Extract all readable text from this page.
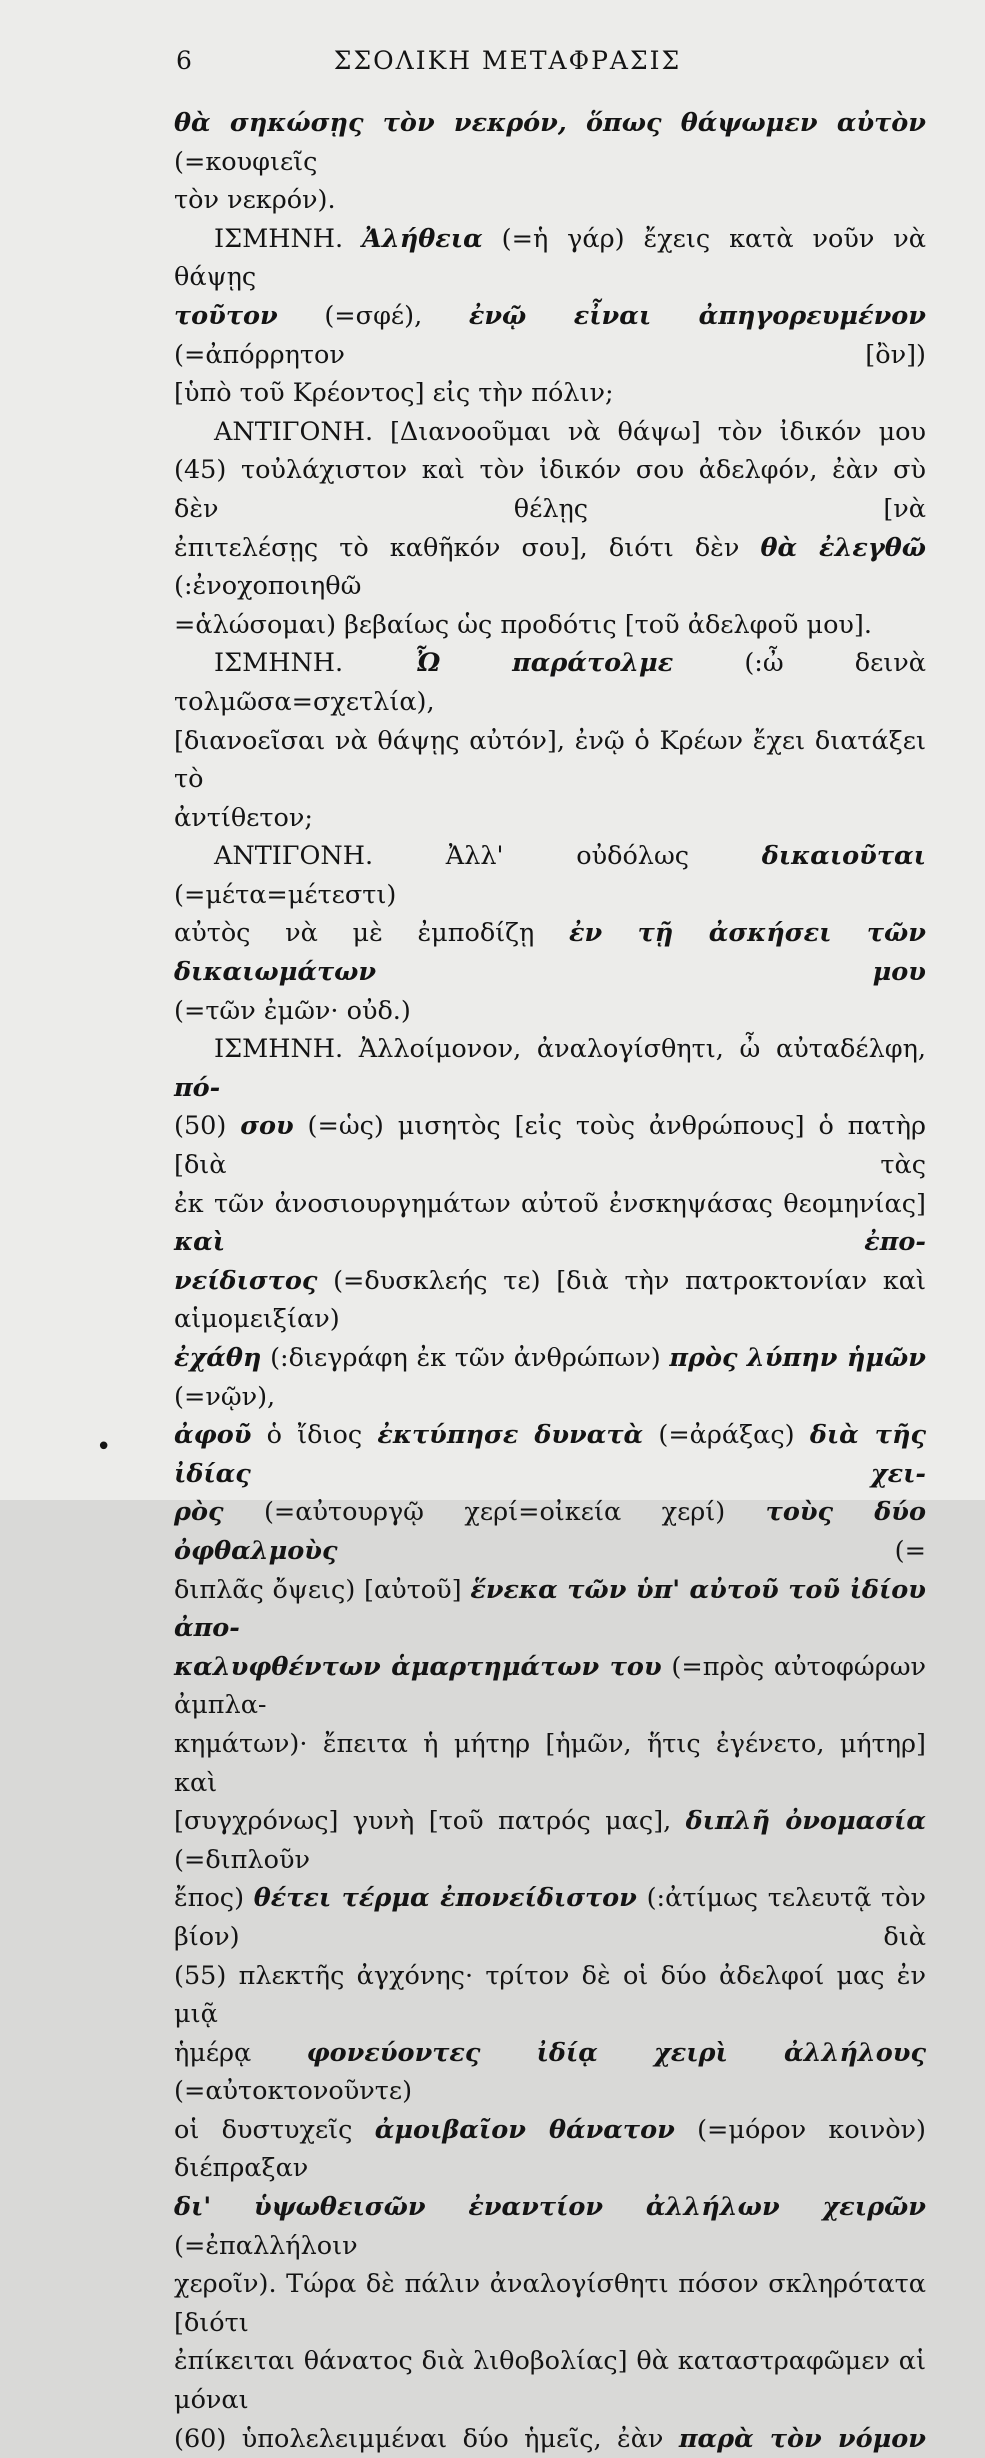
6	ΣΣΟΛΙΚΗ ΜΕΤΑΦΡΑΣΙΣ

θὰ σηκώσῃς τὸν νεκρόν, ὅπως θάψωμεν αὐτὸν (=κουφιεῖς
τὸν νεκρόν).

ΙΣΜΗΝΗ. Ἀλήθεια (=ἡ γάρ) ἔχεις κατὰ νοῦν νὰ θάψῃς
τοῦτον (=σφέ), ἐνῷ εἶναι ἀπηγορευμένον (=ἀπόρρητον [ὂν])
[ὑπὸ τοῦ Κρέοντος] εἰς τὴν πόλιν;

ΑΝΤΙΓΟΝΗ. [Διανοοῦμαι νὰ θάψω] τὸν ἰδικόν μου
(45) τοὐλάχιστον καὶ τὸν ἰδικόν σου ἀδελφόν, ἐὰν σὺ δὲν θέλῃς [νὰ
ἐπιτελέσῃς τὸ καθῆκόν σου], διότι δὲν θὰ ἐλεγθῶ (:ἐνοχοποιηθῶ
=ἁλώσομαι) βεβαίως ὡς προδότις [τοῦ ἀδελφοῦ μου].

ΙΣΜΗΝΗ. Ὦ παράτολμε (:ὦ δεινὰ τολμῶσα=σχετλία),
[διανοεῖσαι νὰ θάψῃς αὐτόν], ἐνῷ ὁ Κρέων ἔχει διατάξει τὸ
ἀντίθετον;

ΑΝΤΙΓΟΝΗ. Ἀλλ' οὐδόλως δικαιοῦται (=μέτα=μέτεστι)
αὐτὸς νὰ μὲ ἐμποδίζῃ ἐν τῇ ἀσκήσει τῶν δικαιωμάτων μου
(=τῶν ἐμῶν· οὐδ.)

ΙΣΜΗΝΗ. Ἀλλοίμονον, ἀναλογίσθητι, ὦ αὐταδέλφη, πό-
(50) σου (=ὡς) μισητὸς [εἰς τοὺς ἀνθρώπους] ὁ πατὴρ [διὰ τὰς
ἐκ τῶν ἀνοσιουργημάτων αὐτοῦ ἐνσκηψάσας θεομηνίας] καὶ ἐπο-
νείδιστος (=δυσκλεής τε) [διὰ τὴν πατροκτονίαν καὶ αἱμομειξίαν)
ἐχάθη (:διεγράφη ἐκ τῶν ἀνθρώπων) πρὸς λύπην ἡμῶν (=νῷν),
ἀφοῦ ὁ ἴδιος ἐκτύπησε δυνατὰ (=ἀράξας) διὰ τῆς ἰδίας χει-
ρὸς (=αὐτουργῷ χερί=οἰκεία χερί) τοὺς δύο ὀφθαλμοὺς (=
διπλᾶς ὄψεις) [αὐτοῦ] ἕνεκα τῶν ὑπ' αὐτοῦ τοῦ ἰδίου ἀπο-
καλυφθέντων ἁμαρτημάτων του (=πρὸς αὐτοφώρων ἀμπλα-
κημάτων)· ἔπειτα ἡ μήτηρ [ἡμῶν, ἥτις ἐγένετο, μήτηρ] καὶ
[συγχρόνως] γυνὴ [τοῦ πατρός μας], διπλῆ ὀνομασία (=διπλοῦν
ἔπος) θέτει τέρμα ἐπονείδιστον (:ἀτίμως τελευτᾷ τὸν βίον) διὰ
(55) πλεκτῆς ἀγχόνης· τρίτον δὲ οἱ δύο ἀδελφοί μας ἐν μιᾷ
ἡμέρᾳ φονεύοντες ἰδίᾳ χειρὶ ἀλλήλους (=αὐτοκτονοῦντε)
οἱ δυστυχεῖς ἀμοιβαῖον θάνατον (=μόρον κοινὸν) διέπραξαν
δι' ὑψωθεισῶν ἐναντίον ἀλλήλων χειρῶν (=ἐπαλλήλοιν
χεροῖν). Τώρα δὲ πάλιν ἀναλογίσθητι πόσον σκληρότατα [διότι
ἐπίκειται θάνατος διὰ λιθοβολίας] θὰ καταστραφῶμεν αἱ μόναι
(60) ὑπολελειμμέναι δύο ἡμεῖς, ἐὰν παρὰ τὸν νόμον

•
